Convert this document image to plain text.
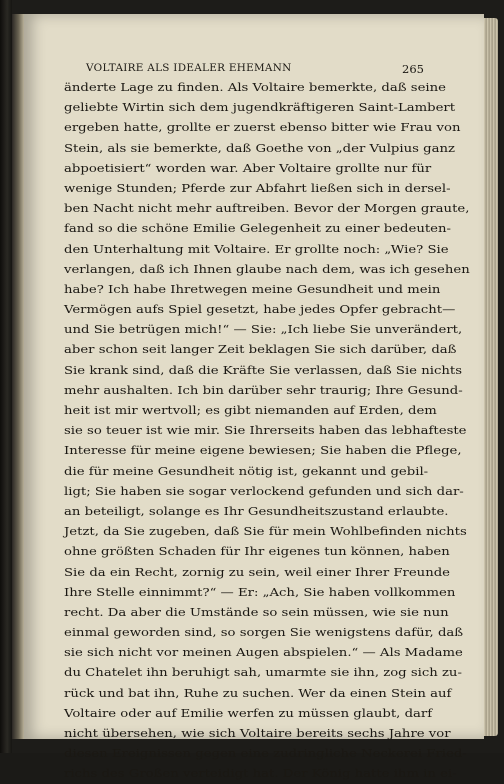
VOLTAIRE ALS IDEALER EHEMANN	265
änderte Lage zu finden. Als Voltaire bemerkte, daß seine
geliebte Wirtin sich dem jugendkräftigeren Saint-Lambert
ergeben hatte, grollte er zuerst ebenso bitter wie Frau von
Stein, als sie bemerkte, daß Goethe von „der Vulpius ganz
abpoetisiert“ worden war. Aber Voltaire grollte nur für
wenige Stunden; Pferde zur Abfahrt ließen sich in dersel-
ben Nacht nicht mehr auftreiben. Bevor der Morgen graute,
fand so die schöne Emilie Gelegenheit zu einer bedeuten-
den Unterhaltung mit Voltaire. Er grollte noch: „Wie? Sie
verlangen, daß ich Ihnen glaube nach dem, was ich gesehen
habe? Ich habe Ihretwegen meine Gesundheit und mein
Vermögen aufs Spiel gesetzt, habe jedes Opfer gebracht—
und Sie betrügen mich!“ — Sie: „Ich liebe Sie unverändert,
aber schon seit langer Zeit beklagen Sie sich darüber, daß
Sie krank sind, daß die Kräfte Sie verlassen, daß Sie nichts
mehr aushalten. Ich bin darüber sehr traurig; Ihre Gesund-
heit ist mir wertvoll; es gibt niemanden auf Erden, dem
sie so teuer ist wie mir. Sie Ihrerseits haben das lebhafteste
Interesse für meine eigene bewiesen; Sie haben die Pflege,
die für meine Gesundheit nötig ist, gekannt und gebil-
ligt; Sie haben sie sogar verlockend gefunden und sich dar-
an beteiligt, solange es Ihr Gesundheitszustand erlaubte.
Jetzt, da Sie zugeben, daß Sie für mein Wohlbefinden nichts
ohne größten Schaden für Ihr eigenes tun können, haben
Sie da ein Recht, zornig zu sein, weil einer Ihrer Freunde
Ihre Stelle einnimmt?“ — Er: „Ach, Sie haben vollkommen
recht. Da aber die Umstände so sein müssen, wie sie nun
einmal geworden sind, so sorgen Sie wenigstens dafür, daß
sie sich nicht vor meinen Augen abspielen.“ — Als Madame
du Chatelet ihn beruhigt sah, umarmte sie ihn, zog sich zu-
rück und bat ihn, Ruhe zu suchen. Wer da einen Stein auf
Voltaire oder auf Emilie werfen zu müssen glaubt, darf
nicht übersehen, wie sich Voltaire bereits sechs Jahre vor
diesen Ereignissen gegen eine zudringliche Neckerei Fried-
richs des Großen verteidigt hat. Der König hatte ihm in ei-
